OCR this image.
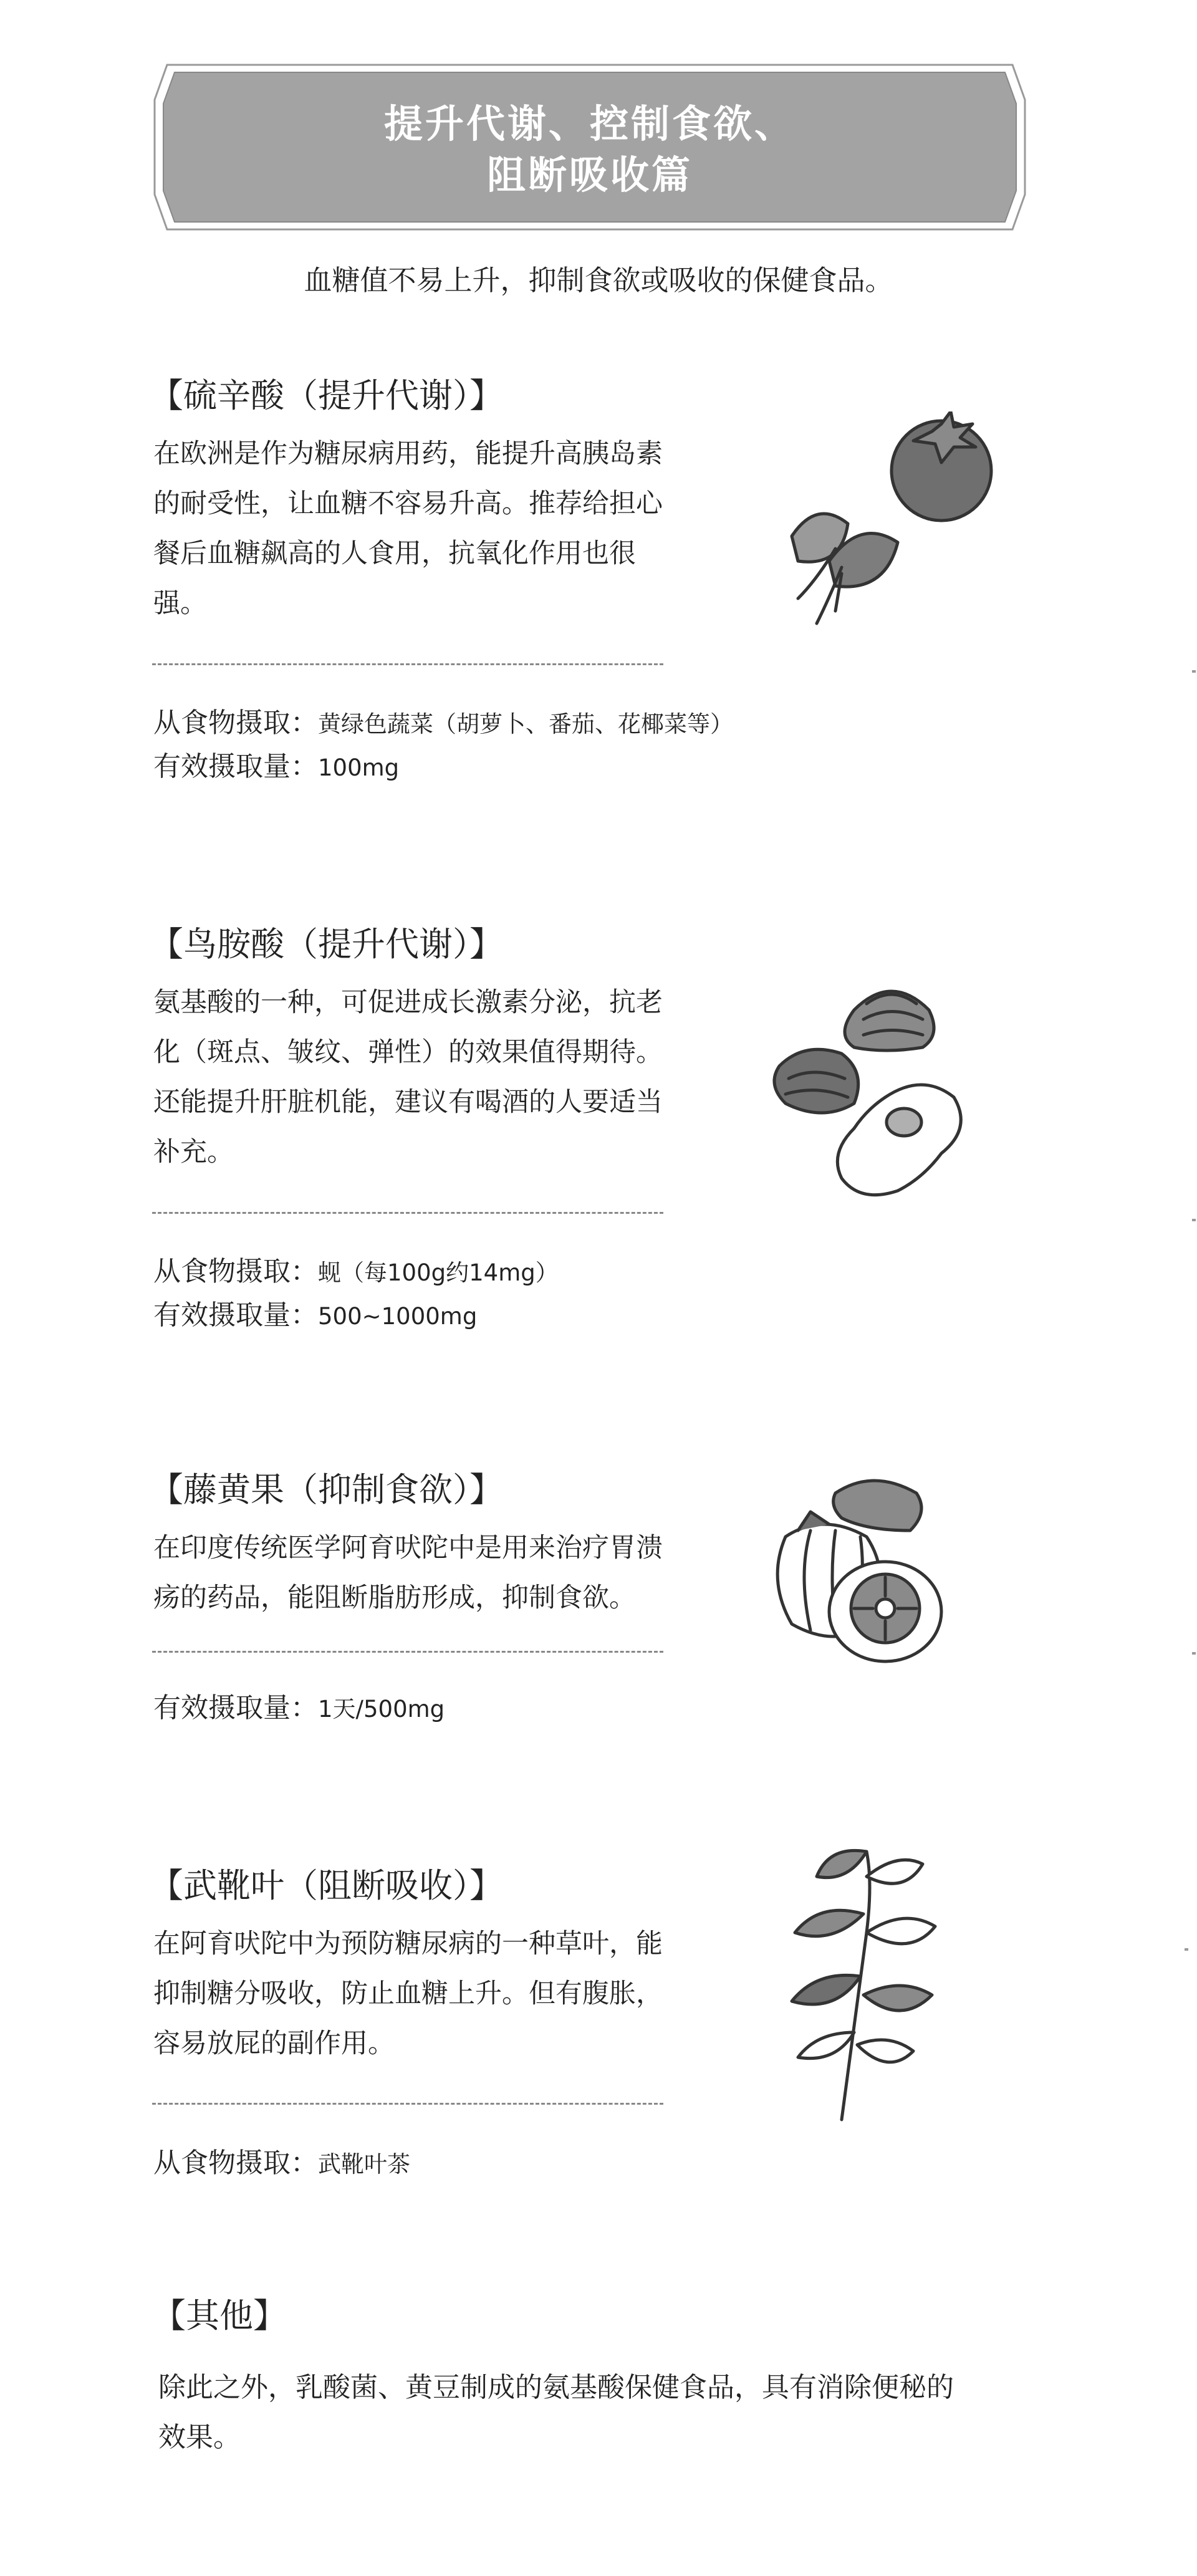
提升代谢、控制食欲、
阻断吸收篇
血糖值不易上升，抑制食欲或吸收的保健食品。
【硫辛酸（提升代谢）】

在欧洲是作为糖尿病用药，能提升高胰岛素

的耐受性，让血糖不容易升高。推荐给担心

餐后血糖飙高的人食用，抗氧化作用也很

强。

从食物摄取：黄绿色蔬菜（胡萝卜、番茄、花椰菜等）
有效摄取量：100mg
【鸟胺酸（提升代谢）】

氨基酸的一种，可促进成长激素分泌，抗老

化（斑点、皱纹、弹性）的效果值得期待。

还能提升肝脏机能，建议有喝酒的人要适当

补充。

从食物摄取：蚬（每100g约14mg）
有效摄取量：500~1000mg
【藤黄果（抑制食欲）】

在印度传统医学阿育吠陀中是用来治疗胃溃

疡的药品，能阻断脂肪形成，抑制食欲。

有效摄取量：1天/500mg
【武靴叶（阻断吸收）】

在阿育吠陀中为预防糖尿病的一种草叶，能

抑制糖分吸收，防止血糖上升。但有腹胀，

容易放屁的副作用。

从食物摄取：武靴叶茶
【其他】
除此之外，乳酸菌、黄豆制成的氨基酸保健食品，具有消除便秘的
效果。
